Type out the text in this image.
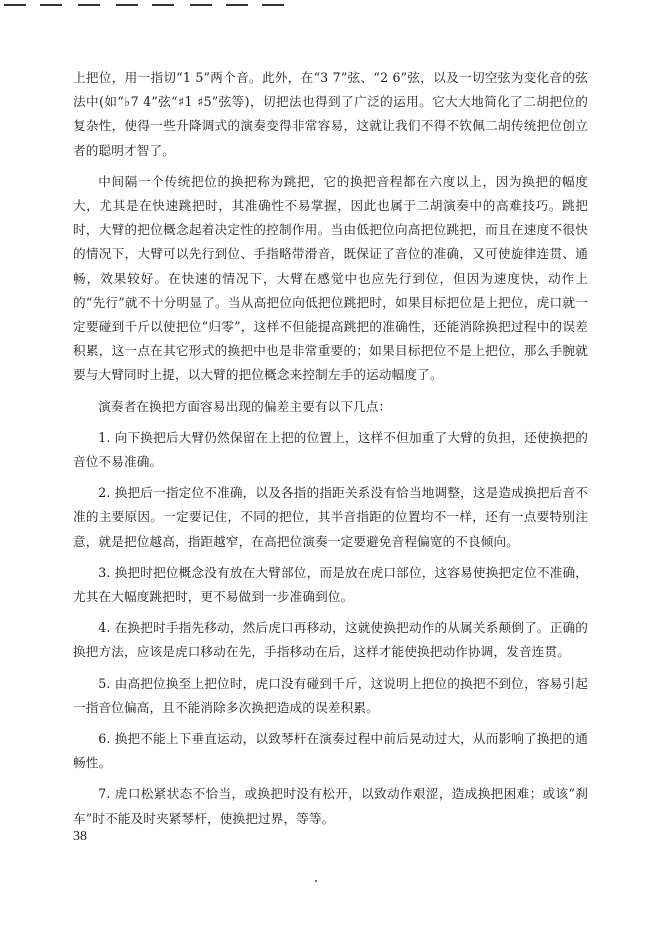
上把位，用一指切“1 5”两个音。此外，在“3 7”弦、“2 6”弦，以及一切空弦为变化音的弦法中(如“♭7 4”弦“♯1 ♯5”弦等)，切把法也得到了广泛的运用。它大大地简化了二胡把位的复杂性，使得一些升降调式的演奏变得非常容易，这就让我们不得不钦佩二胡传统把位创立者的聪明才智了。

中间隔一个传统把位的换把称为跳把，它的换把音程都在六度以上，因为换把的幅度大，尤其是在快速跳把时，其准确性不易掌握，因此也属于二胡演奏中的高难技巧。跳把时，大臂的把位概念起着决定性的控制作用。当由低把位向高把位跳把，而且在速度不很快的情况下，大臂可以先行到位、手指略带滑音，既保证了音位的准确，又可使旋律连贯、通畅，效果较好。在快速的情况下，大臂在感觉中也应先行到位，但因为速度快，动作上的“先行”就不十分明显了。当从高把位向低把位跳把时，如果目标把位是上把位，虎口就一定要碰到千斤以使把位“归零”，这样不但能提高跳把的准确性，还能消除换把过程中的误差积累，这一点在其它形式的换把中也是非常重要的；如果目标把位不是上把位，那么手腕就要与大臂同时上提，以大臂的把位概念来控制左手的运动幅度了。

演奏者在换把方面容易出现的偏差主要有以下几点：

1. 向下换把后大臂仍然保留在上把的位置上，这样不但加重了大臂的负担，还使换把的音位不易准确。

2. 换把后一指定位不准确，以及各指的指距关系没有恰当地调整，这是造成换把后音不准的主要原因。一定要记住，不同的把位，其半音指距的位置均不一样，还有一点要特别注意，就是把位越高，指距越窄，在高把位演奏一定要避免音程偏宽的不良倾向。

3. 换把时把位概念没有放在大臂部位，而是放在虎口部位，这容易使换把定位不准确，尤其在大幅度跳把时，更不易做到一步准确到位。

4. 在换把时手指先移动，然后虎口再移动，这就使换把动作的从属关系颠倒了。正确的换把方法，应该是虎口移动在先，手指移动在后，这样才能使换把动作协调，发音连贯。

5. 由高把位换至上把位时，虎口没有碰到千斤，这说明上把位的换把不到位，容易引起一指音位偏高，且不能消除多次换把造成的误差积累。

6. 换把不能上下垂直运动，以致琴杆在演奏过程中前后晃动过大，从而影响了换把的通畅性。

7. 虎口松紧状态不恰当，或换把时没有松开，以致动作艰涩，造成换把困难；或该“刹车”时不能及时夹紧琴杆，使换把过界，等等。

38
